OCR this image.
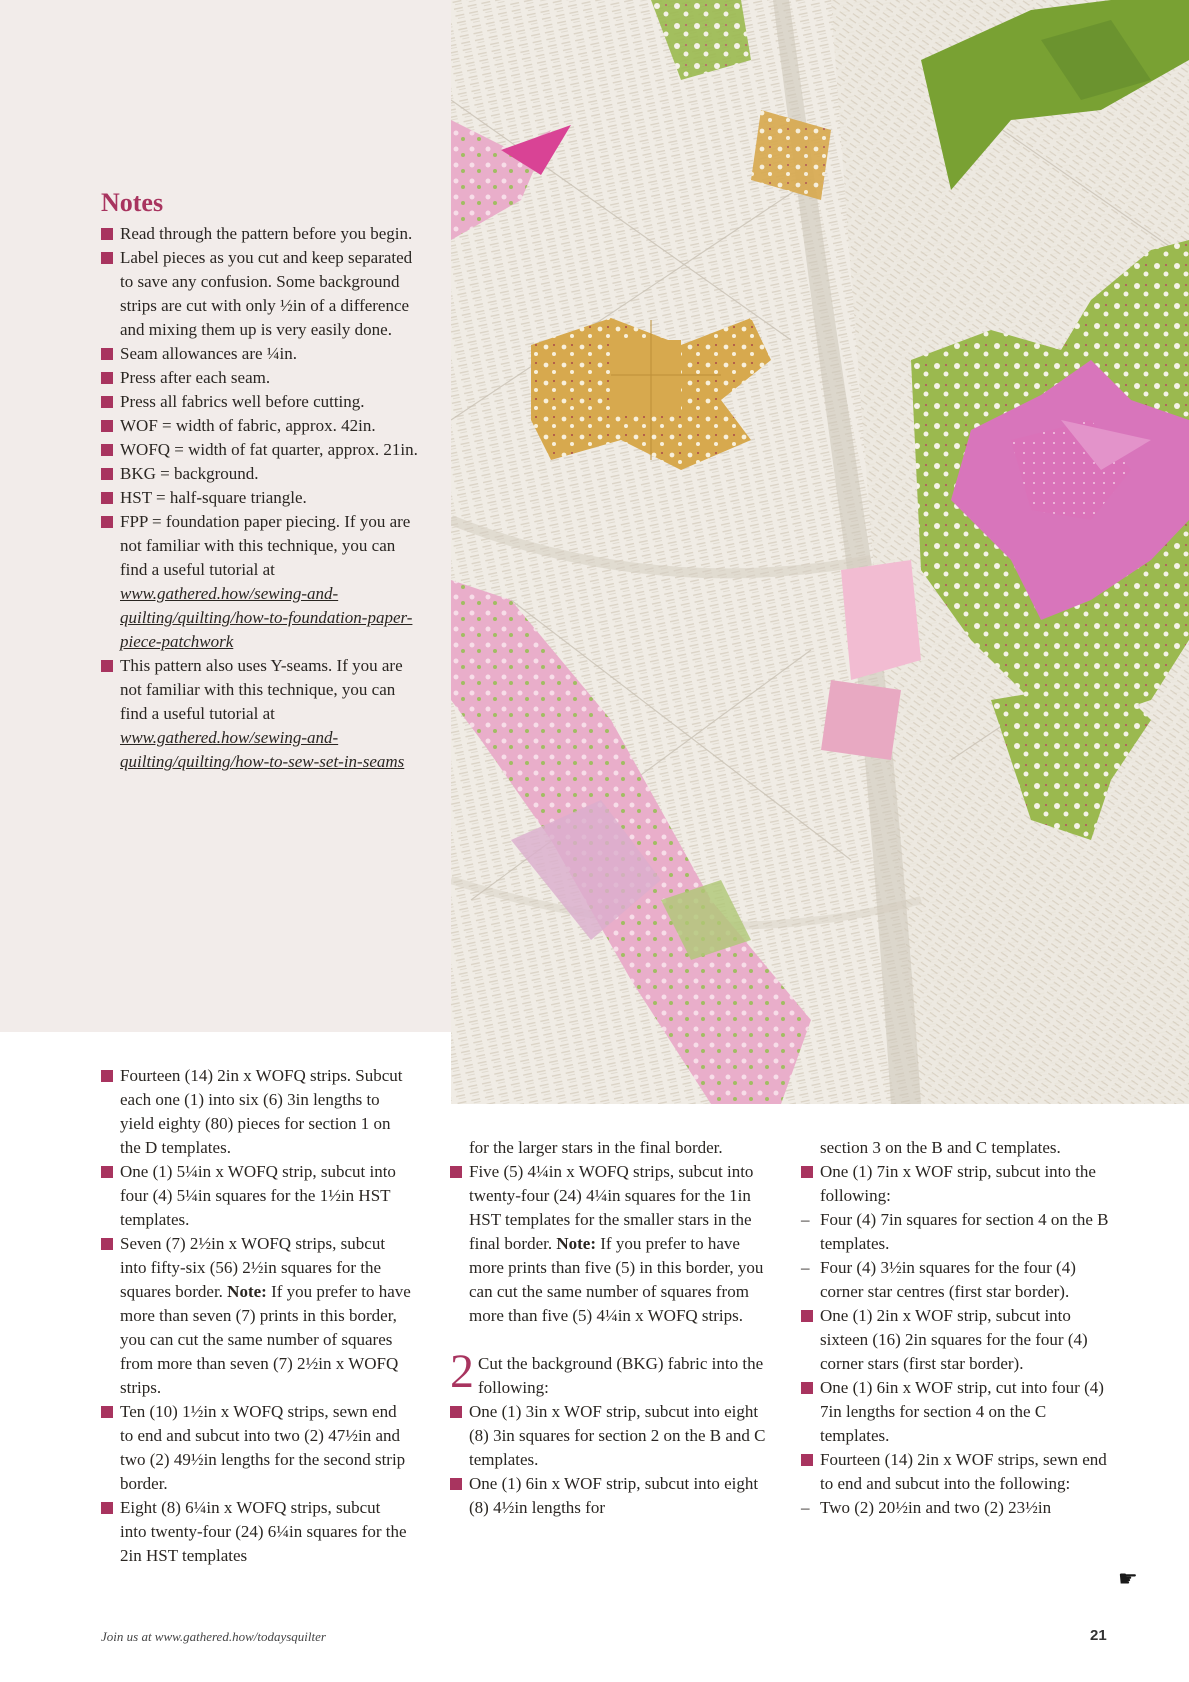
Notes
Read through the pattern before you begin.
Label pieces as you cut and keep separated to save any confusion. Some background strips are cut with only ½in of a difference and mixing them up is very easily done.
Seam allowances are ¼in.
Press after each seam.
Press all fabrics well before cutting.
WOF = width of fabric, approx. 42in.
WOFQ = width of fat quarter, approx. 21in.
BKG = background.
HST = half-square triangle.
FPP = foundation paper piecing. If you are not familiar with this technique, you can find a useful tutorial at www.gathered.how/sewing-and-quilting/quilting/how-to-foundation-paper-piece-patchwork
This pattern also uses Y-seams. If you are not familiar with this technique, you can find a useful tutorial at www.gathered.how/sewing-and-quilting/quilting/how-to-sew-set-in-seams
Fourteen (14) 2in x WOFQ strips. Subcut each one (1) into six (6) 3in lengths to yield eighty (80) pieces for section 1 on the D templates.
One (1) 5¼in x WOFQ strip, subcut into four (4) 5¼in squares for the 1½in HST templates.
Seven (7) 2½in x WOFQ strips, subcut into fifty-six (56) 2½in squares for the squares border. Note: If you prefer to have more than seven (7) prints in this border, you can cut the same number of squares from more than seven (7) 2½in x WOFQ strips.
Ten (10) 1½in x WOFQ strips, sewn end to end and subcut into two (2) 47½in and two (2) 49½in lengths for the second strip border.
Eight (8) 6¼in x WOFQ strips, subcut into twenty-four (24) 6¼in squares for the 2in HST templates
for the larger stars in the final border.
Five (5) 4¼in x WOFQ strips, subcut into twenty-four (24) 4¼in squares for the 1in HST templates for the smaller stars in the final border. Note: If you prefer to have more prints than five (5) in this border, you can cut the same number of squares from more than five (5) 4¼in x WOFQ strips.
2 Cut the background (BKG) fabric into the following:
One (1) 3in x WOF strip, subcut into eight (8) 3in squares for section 2 on the B and C templates.
One (1) 6in x WOF strip, subcut into eight (8) 4½in lengths for
section 3 on the B and C templates.
One (1) 7in x WOF strip, subcut into the following:
– Four (4) 7in squares for section 4 on the B templates.
– Four (4) 3½in squares for the four (4) corner star centres (first star border).
One (1) 2in x WOF strip, subcut into sixteen (16) 2in squares for the four (4) corner stars (first star border).
One (1) 6in x WOF strip, cut into four (4) 7in lengths for section 4 on the C templates.
Fourteen (14) 2in x WOF strips, sewn end to end and subcut into the following:
– Two (2) 20½in and two (2) 23½in
☛
Join us at www.gathered.how/todaysquilter	21
